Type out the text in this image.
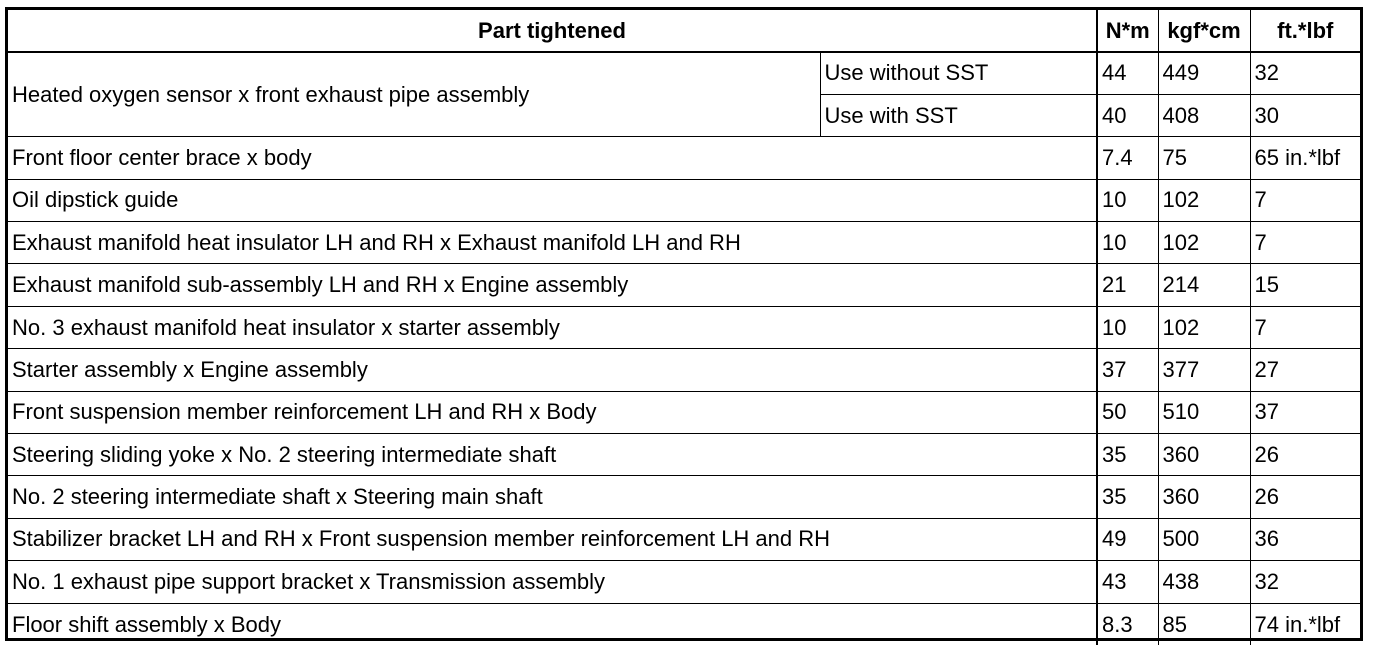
Part tightened		N*m	kgf*cm	ft.*lbf
Heated oxygen sensor x front exhaust pipe assembly	Use without SST	44	449	32
	Use with SST	40	408	30
Front floor center brace x body		7.4	75	65 in.*lbf
Oil dipstick guide		10	102	7
Exhaust manifold heat insulator LH and RH x Exhaust manifold LH and RH		10	102	7
Exhaust manifold sub-assembly LH and RH x Engine assembly		21	214	15
No. 3 exhaust manifold heat insulator x starter assembly		10	102	7
Starter assembly x Engine assembly		37	377	27
Front suspension member reinforcement LH and RH x Body		50	510	37
Steering sliding yoke x No. 2 steering intermediate shaft		35	360	26
No. 2 steering intermediate shaft x Steering main shaft		35	360	26
Stabilizer bracket LH and RH x Front suspension member reinforcement LH and RH		49	500	36
No. 1 exhaust pipe support bracket x Transmission assembly		43	438	32
Floor shift assembly x Body		8.3	85	74 in.*lbf
